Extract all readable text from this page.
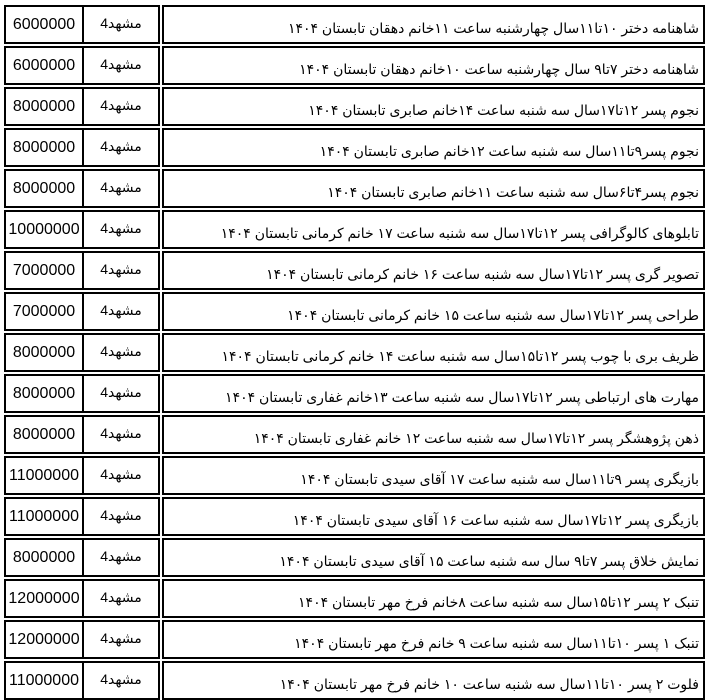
6000000	مشهد4	شاهنامه دختر ۱۰تا۱۱سال چهارشنبه ساعت ۱۱خانم دهقان تابستان ۱۴۰۴
6000000	مشهد4	شاهنامه دختر ۷تا۹ سال چهارشنبه ساعت ۱۰خانم دهقان تابستان ۱۴۰۴
8000000	مشهد4	نجوم پسر ۱۲تا۱۷سال سه شنبه ساعت ۱۴خانم صابری تابستان ۱۴۰۴
8000000	مشهد4	نجوم پسر۹تا۱۱سال سه شنبه ساعت ۱۲خانم صابری تابستان ۱۴۰۴
8000000	مشهد4	نجوم پسر۴تا۶سال سه شنبه ساعت ۱۱خانم صابری تابستان ۱۴۰۴
10000000	مشهد4	تابلوهای کالوگرافی پسر ۱۲تا۱۷سال سه شنبه ساعت ۱۷ خانم کرمانی تابستان ۱۴۰۴
7000000	مشهد4	تصویر گری پسر ۱۲تا۱۷سال سه شنبه ساعت ۱۶ خانم کرمانی تابستان ۱۴۰۴
7000000	مشهد4	طراحی پسر ۱۲تا۱۷سال سه شنبه ساعت ۱۵ خانم کرمانی تابستان ۱۴۰۴
8000000	مشهد4	ظریف بری با چوب پسر ۱۲تا۱۵سال سه شنبه ساعت ۱۴ خانم کرمانی تابستان ۱۴۰۴
8000000	مشهد4	مهارت های ارتباطی پسر ۱۲تا۱۷سال سه شنبه ساعت ۱۳خانم غفاری تابستان ۱۴۰۴
8000000	مشهد4	ذهن پژوهشگر پسر ۱۲تا۱۷سال سه شنبه ساعت ۱۲ خانم غفاری تابستان ۱۴۰۴
11000000	مشهد4	بازیگری پسر ۹تا۱۱سال سه شنبه ساعت ۱۷ آقای سیدی تابستان ۱۴۰۴
11000000	مشهد4	بازیگری پسر ۱۲تا۱۷سال سه شنبه ساعت ۱۶ آقای سیدی تابستان ۱۴۰۴
8000000	مشهد4	نمایش خلاق پسر ۷تا۹ سال سه شنبه ساعت ۱۵ آقای سیدی تابستان ۱۴۰۴
12000000	مشهد4	تنبک ۲ پسر ۱۲تا۱۵سال سه شنبه ساعت ۸خانم فرخ مهر تابستان ۱۴۰۴
12000000	مشهد4	تنبک ۱ پسر ۱۰تا۱۱سال سه شنبه ساعت ۹ خانم فرخ مهر تابستان ۱۴۰۴
11000000	مشهد4	فلوت ۲ پسر ۱۰تا۱۱سال سه شنبه ساعت ۱۰ خانم فرخ مهر تابستان ۱۴۰۴
